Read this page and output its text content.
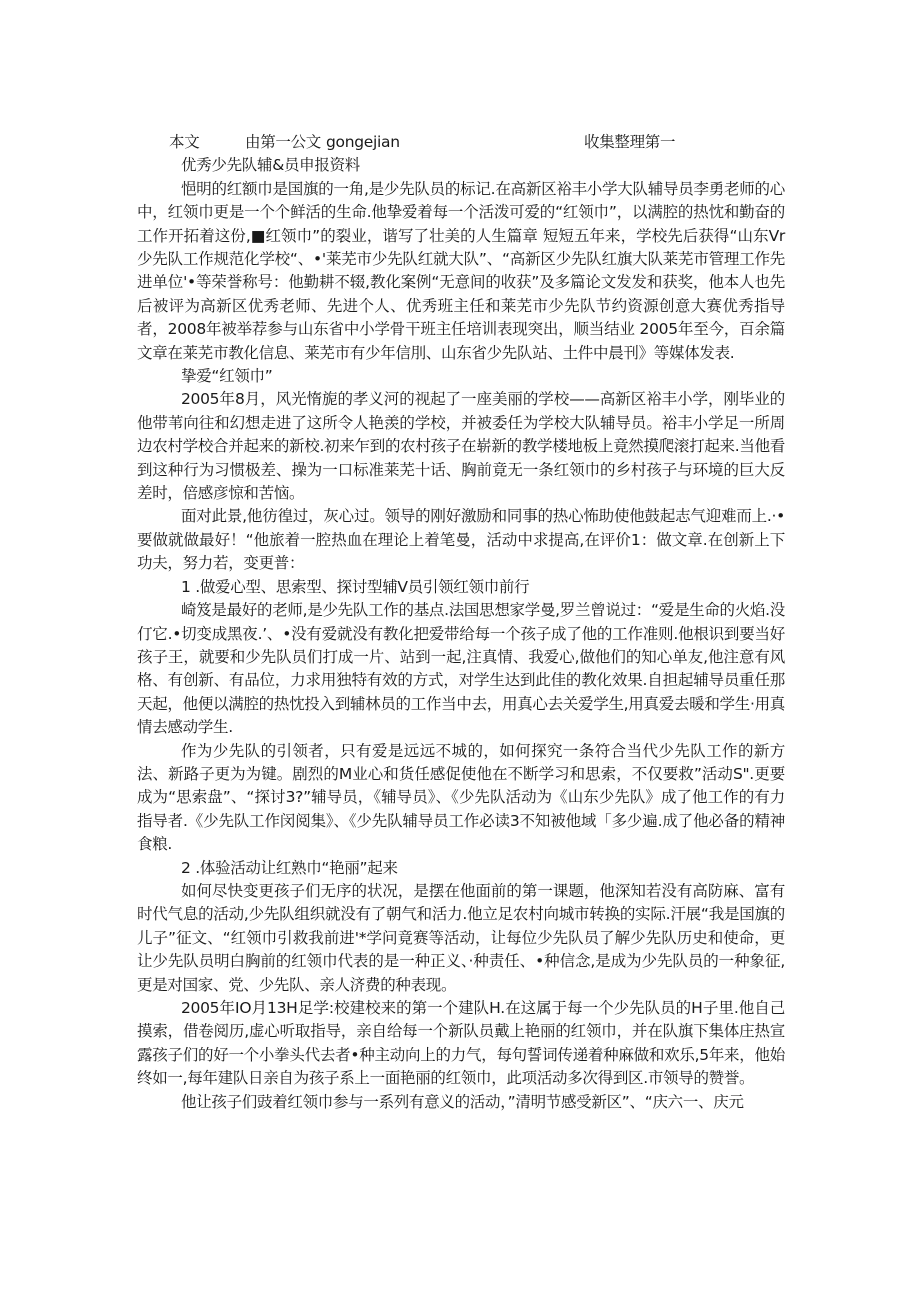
本文	由第一公文 gongejian	收集整理第一
优秀少先队辅&员申报资料

悒明的红额巾是国旗的一角,是少先队员的标记.在高新区裕丰小学大队辅导员李勇老师的心中，红领巾更是一个个鲜活的生命.他挚爱着每一个活泼可爱的“红领巾”，以满腔的热忱和勤奋的工作开拓着这份,■红领巾”的裂业，谐写了壮美的人生篇章 短短五年来，学校先后获得“山东Vr少先队工作规范化学校“、•'莱芜市少先队红就大队”、“高新区少先队红旗大队莱芜市管理工作先进单位'•等荣誉称号：他勤耕不辍,教化案例“无意间的收获”及多篇论文发发和获奖，他本人也先后被评为高新区优秀老师、先进个人、优秀班主任和莱芜市少先队节约资源创意大赛优秀指导者，2008年被举荐参与山东省中小学骨干班主任培训表现突出，顺当结业 2005年至今，百余篇文章在莱芜市教化信息、莱芜市有少年信刖、山东省少先队站、土件中晨刊》等媒体发表.

挚爱“红领巾”

2005年8月，风光惰旎的孝义河的视起了一座美丽的学校——高新区裕丰小学，刚毕业的他带苇向往和幻想走进了这所令人艳羡的学校，并被委任为学校大队辅导员。裕丰小学足一所周边农村学校合并起来的新校.初来乍到的农村孩子在崭新的教学楼地板上竟然摸爬滚打起来.当他看到这种行为习惯极差、操为一口标准莱芜十话、胸前竟无一条红领巾的乡村孩子与环境的巨大反差时，倍感彦惊和苦恼。

面对此景,他彷徨过，灰心过。领导的刚好激励和同事的热心怖助使他鼓起志气迎难而上.·•要做就做最好！“他旅着一腔热血在理论上着笔曼，活动中求提高,在评价1：做文章.在创新上下功夫，努力若，变更普：

1 .做爱心型、思索型、探讨型辅V员引领红领巾前行

崎笈是最好的老师,是少先队工作的基点.法国思想家学曼,罗兰曾说过：“爱是生命的火焰.没仃它.•切变成黑夜.’、•没有爱就没有教化把爱带给每一个孩子成了他的工作准则.他根识到要当好孩子王，就要和少先队员们打成一片、站到一起,注真情、我爱心,做他们的知心单友,他注意有风格、有创新、有品位，力求用独特有效的方式，对学生达到此佳的教化效果.自担起辅导员重任那天起，他便以满腔的热忱投入到辅林员的工作当中去，用真心去关爱学生,用真爱去暖和学生·用真情去感动学生.

作为少先队的引领者，只有爱是远远不城的，如何探究一条符合当代少先队工作的新方法、新路子更为为键。剧烈的M业心和货任感促使他在不断学习和思索，不仅要救”活动S".更要成为“思索盘”、“探讨3?”辅导员，《辅导员》、《少先队活动为《山东少先队》成了他工作的有力指导者.《少先队工作闵阅集》、《少先队辅导员工作必读3不知被他域「多少遍.成了他必备的精神食粮.

2 .体验活动让红熟巾“艳丽”起来

如何尽快变更孩子们无序的状况，是摆在他面前的第一课题，他深知若没有高防麻、富有时代气息的活动,少先队组织就没有了朝气和活力.他立足农村向城市转换的实际.汗展“我是国旗的儿子”征文、“红领巾引救我前进'*学问竟赛等活动，让每位少先队员了解少先队历史和使命，更让少先队员明白胸前的红领巾代表的是一种正义、·种责任、•种信念,是成为少先队员的一种象征,更是对国家、党、少先队、亲人济费的种表现。

2005年IO月13H足学:校建校来的第一个建队H.在这属于每一个少先队员的H子里.他自己摸索，借卷阅历,虚心听取指导，亲自给每一个新队员戴上艳丽的红领巾，并在队旗下集体庄热宣露孩子们的好一个小拳头代去者•种主动向上的力气，每句誓词传递着种麻做和欢乐,5年来，他始终如一,每年建队日亲自为孩子系上一面艳丽的红领巾，此项活动多次得到区.市领导的赞誉。

他让孩子们豉着红领巾参与一系列有意义的活动，”清明节感受新区”、“庆六一、庆元
